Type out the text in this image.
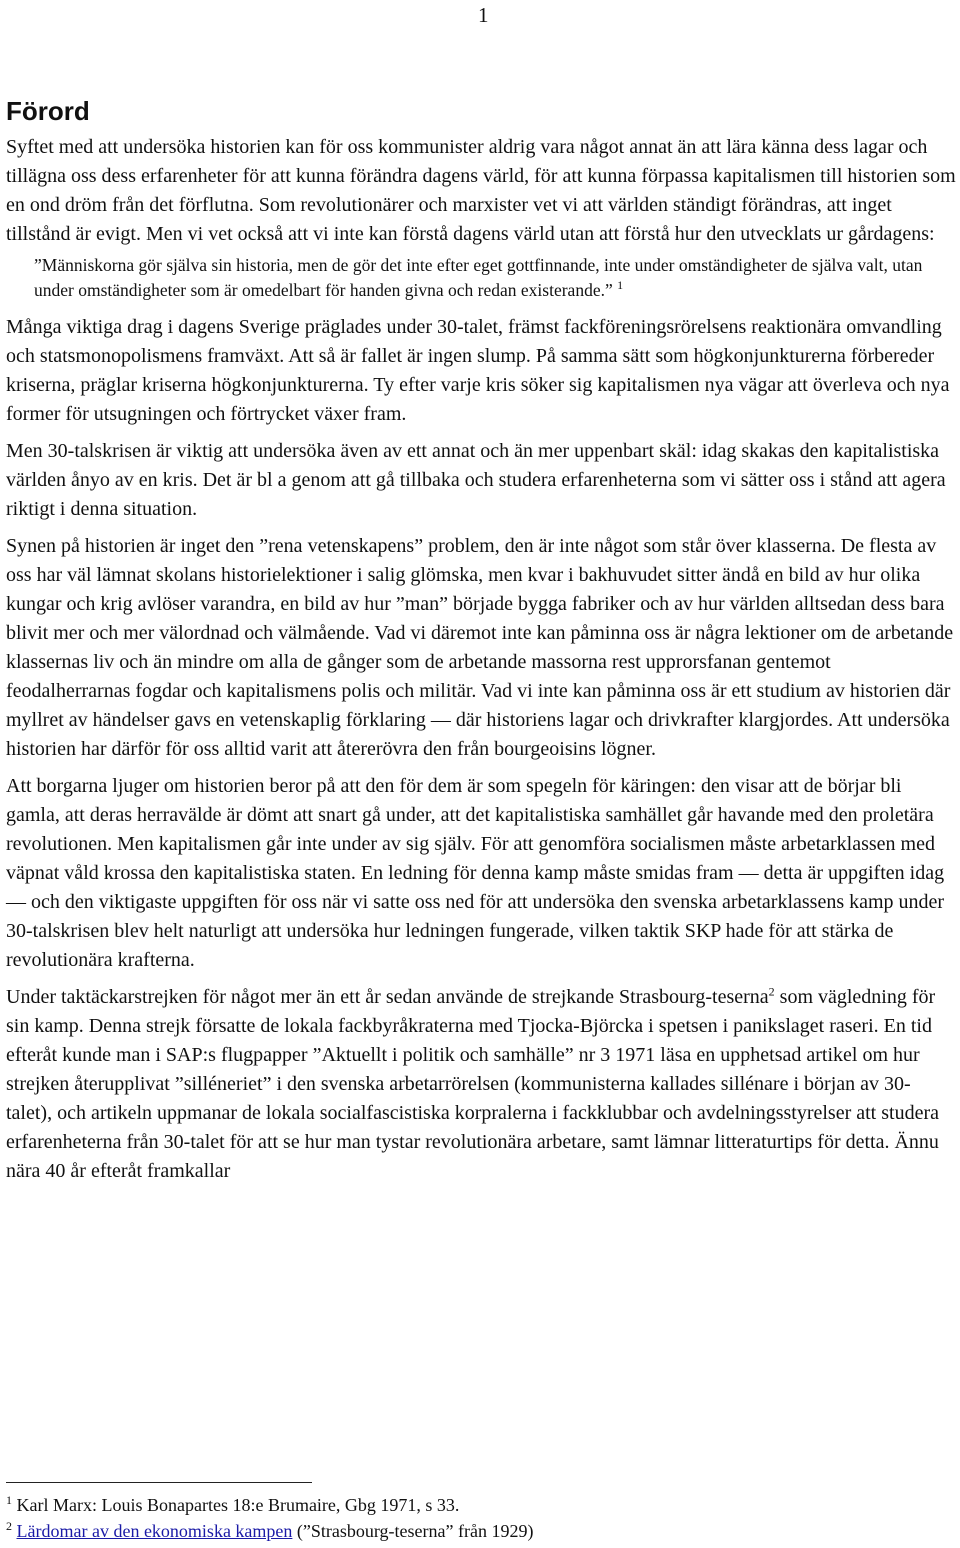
1
Förord

Syftet med att undersöka historien kan för oss kommunister aldrig vara något annat än att lära känna dess lagar och tillägna oss dess erfarenheter för att kunna förändra dagens värld, för att kunna förpassa kapitalismen till historien som en ond dröm från det förflutna. Som revolutionärer och marxister vet vi att världen ständigt förändras, att inget tillstånd är evigt. Men vi vet också att vi inte kan förstå dagens värld utan att förstå hur den utvecklats ur gårdagens:

”Människorna gör själva sin historia, men de gör det inte efter eget gottfinnande, inte under omständigheter de själva valt, utan under omständigheter som är omedelbart för handen givna och redan existerande.” $^1$

Många viktiga drag i dagens Sverige präglades under 30-talet, främst fackföreningsrörelsens reaktionära omvandling och statsmonopolismens framväxt. Att så är fallet är ingen slump. På samma sätt som högkonjunkturerna förbereder kriserna, präglar kriserna högkonjunkturerna. Ty efter varje kris söker sig kapitalismen nya vägar att överleva och nya former för utsugningen och förtrycket växer fram.

Men 30-talskrisen är viktig att undersöka även av ett annat och än mer uppenbart skäl: idag skakas den kapitalistiska världen ånyo av en kris. Det är bl a genom att gå tillbaka och studera erfarenheterna som vi sätter oss i stånd att agera riktigt i denna situation.

Synen på historien är inget den ”rena vetenskapens” problem, den är inte något som står över klasserna. De flesta av oss har väl lämnat skolans historielektioner i salig glömska, men kvar i bakhuvudet sitter ändå en bild av hur olika kungar och krig avlöser varandra, en bild av hur ”man” började bygga fabriker och av hur världen alltsedan dess bara blivit mer och mer välordnad och välmående. Vad vi däremot inte kan påminna oss är några lektioner om de arbetande klassernas liv och än mindre om alla de gånger som de arbetande massorna rest upprorsfanan gentemot feodalherrarnas fogdar och kapitalismens polis och militär. Vad vi inte kan påminna oss är ett studium av historien där myllret av händelser gavs en vetenskaplig förklaring — där historiens lagar och drivkrafter klargjordes. Att undersöka historien har därför för oss alltid varit att återerövra den från bourgeoisins lögner.

Att borgarna ljuger om historien beror på att den för dem är som spegeln för käringen: den visar att de börjar bli gamla, att deras herravälde är dömt att snart gå under, att det kapitalistiska samhället går havande med den proletära revolutionen. Men kapitalismen går inte under av sig själv. För att genomföra socialismen måste arbetarklassen med väpnat våld krossa den kapitalistiska staten. En ledning för denna kamp måste smidas fram — detta är uppgiften idag — och den viktigaste uppgiften för oss när vi satte oss ned för att undersöka den svenska arbetarklassens kamp under 30-talskrisen blev helt naturligt att undersöka hur ledningen fungerade, vilken taktik SKP hade för att stärka de revolutionära krafterna.

Under taktäckarstrejken för något mer än ett år sedan använde de strejkande Strasbourg-teserna$^2$ som vägledning för sin kamp. Denna strejk försatte de lokala fackbyråkraterna med Tjocka-Björcka i spetsen i panikslaget raseri. En tid efteråt kunde man i SAP:s flugpapper ”Aktuellt i politik och samhälle” nr 3 1971 läsa en upphetsad artikel om hur strejken återupplivat ”sillénеriet” i den svenska arbetarrörelsen (kommunisterna kallades sillénare i början av 30-talet), och artikeln uppmanar de lokala socialfascistiska korpralerna i fackklubbar och avdelningsstyrelser att studera erfarenheterna från 30-talet för att se hur man tystar revolutionära arbetare, samt lämnar litteraturtips för detta. Ännu nära 40 år efteråt framkallar

$^1$ Karl Marx: Louis Bonapartes 18:e Brumaire, Gbg 1971, s 33.

$^2$ Lärdomar av den ekonomiska kampen (”Strasbourg-teserna” från 1929)
